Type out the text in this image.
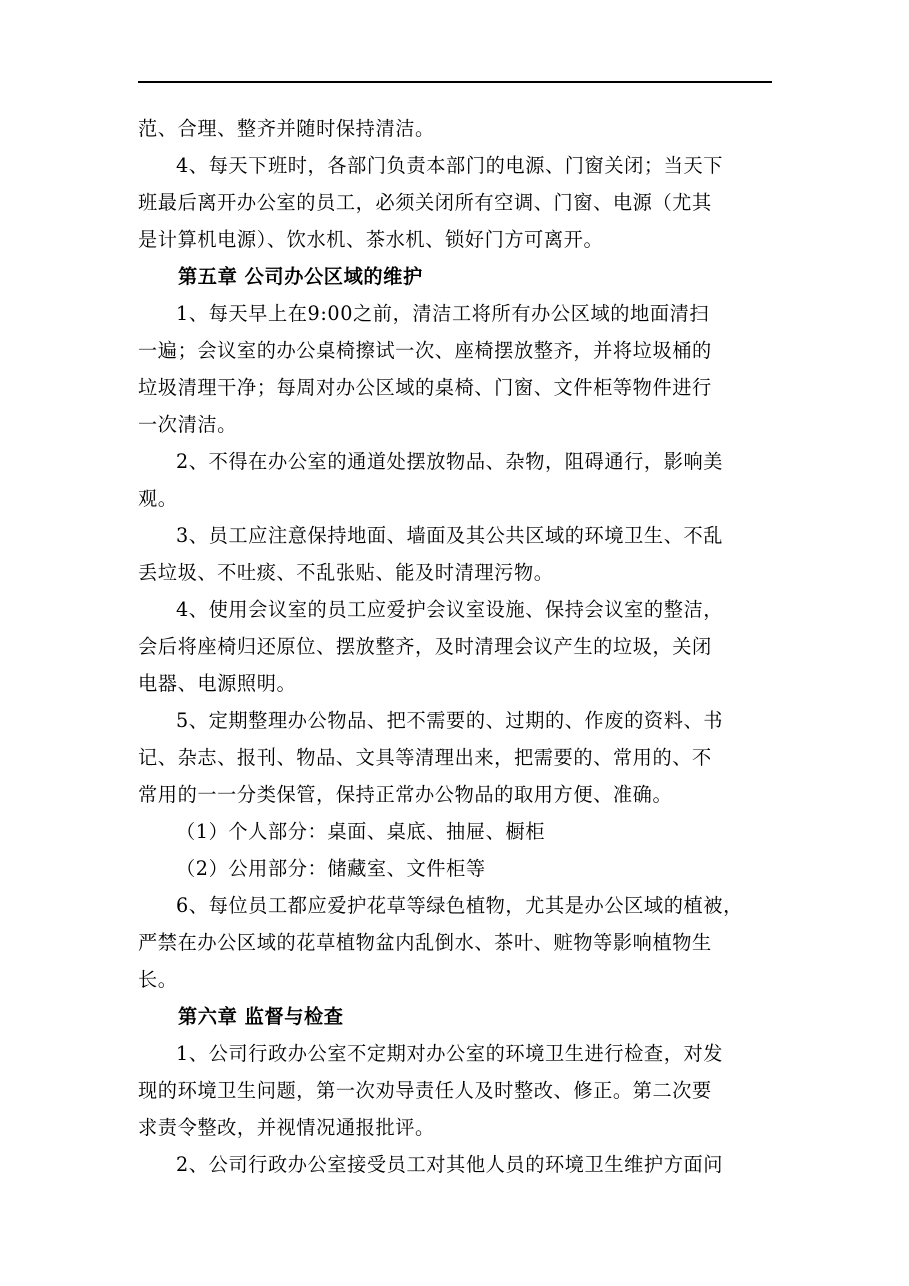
范、合理、整齐并随时保持清洁。
4、每天下班时，各部门负责本部门的电源、门窗关闭；当天下
班最后离开办公室的员工，必须关闭所有空调、门窗、电源（尤其
是计算机电源）、饮水机、茶水机、锁好门方可离开。
第五章 公司办公区域的维护
1、每天早上在9:00之前，清洁工将所有办公区域的地面清扫
一遍；会议室的办公桌椅擦试一次、座椅摆放整齐，并将垃圾桶的
垃圾清理干净；每周对办公区域的桌椅、门窗、文件柜等物件进行
一次清洁。
2、不得在办公室的通道处摆放物品、杂物，阻碍通行，影响美
观。
3、员工应注意保持地面、墙面及其公共区域的环境卫生、不乱
丢垃圾、不吐痰、不乱张贴、能及时清理污物。
4、使用会议室的员工应爱护会议室设施、保持会议室的整洁，
会后将座椅归还原位、摆放整齐，及时清理会议产生的垃圾，关闭
电器、电源照明。
5、定期整理办公物品、把不需要的、过期的、作废的资料、书
记、杂志、报刊、物品、文具等清理出来，把需要的、常用的、不
常用的一一分类保管，保持正常办公物品的取用方便、准确。
（1）个人部分：桌面、桌底、抽屉、橱柜
（2）公用部分：储藏室、文件柜等
6、每位员工都应爱护花草等绿色植物，尤其是办公区域的植被，
严禁在办公区域的花草植物盆内乱倒水、茶叶、赃物等影响植物生
长。
第六章 监督与检查
1、公司行政办公室不定期对办公室的环境卫生进行检查，对发
现的环境卫生问题，第一次劝导责任人及时整改、修正。第二次要
求责令整改，并视情况通报批评。
2、公司行政办公室接受员工对其他人员的环境卫生维护方面问
